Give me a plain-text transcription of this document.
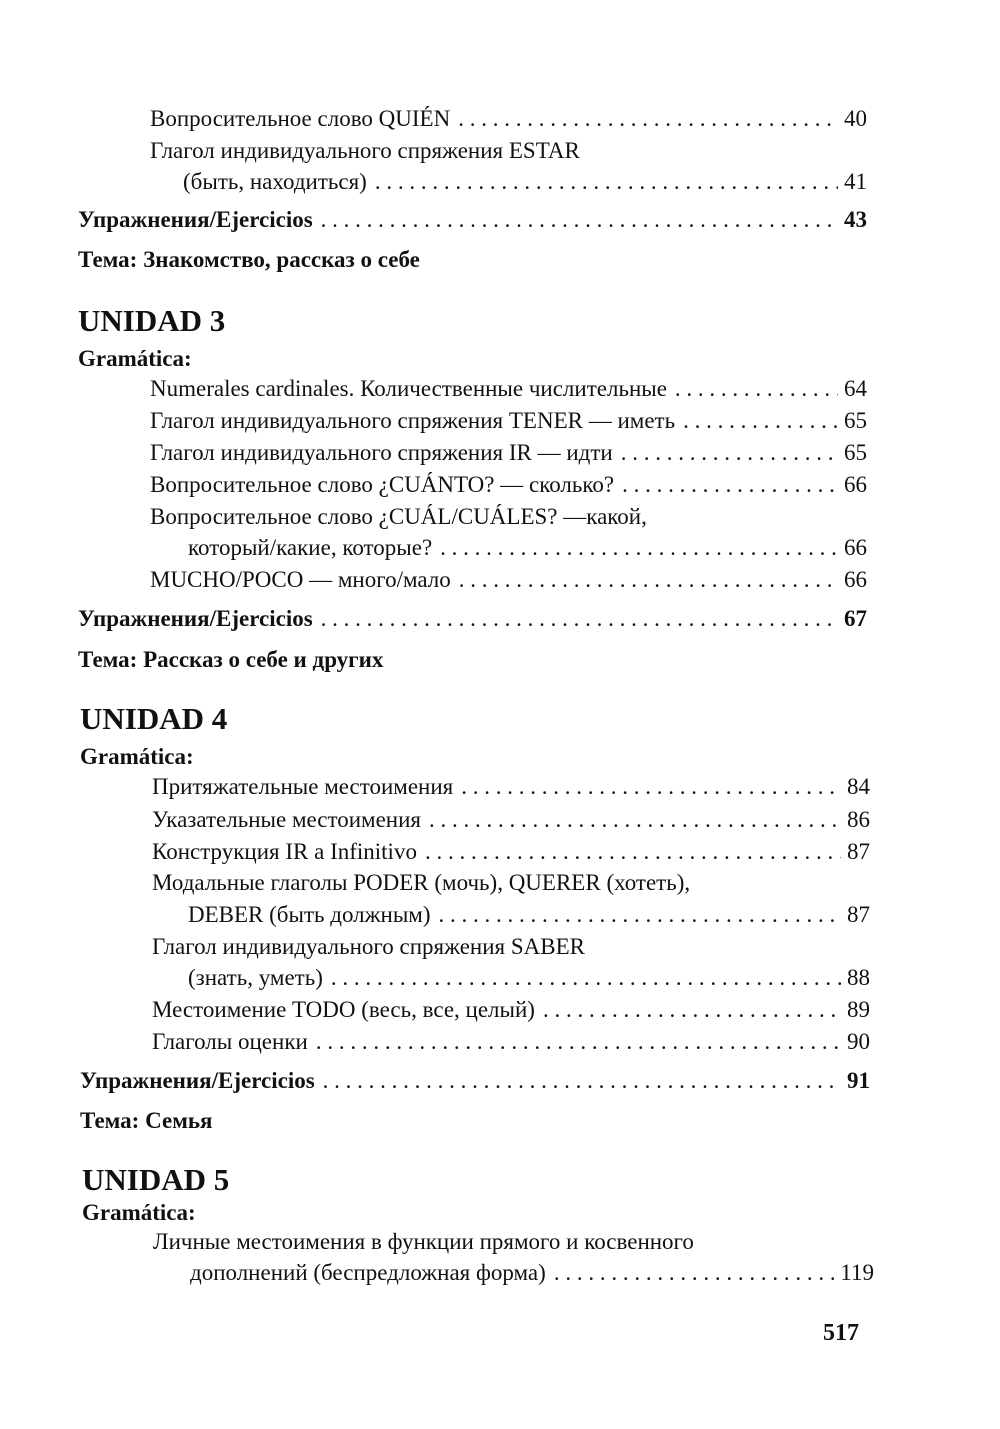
Вопросительное слово QUIÉN . . .	40
Глагол индивидуального спряжения ESTAR
(быть, находиться) . . .	41
Упражнения/Ejercicios . . .	43
Тема: Знакомство, рассказ о себе
UNIDAD 3
Gramática:
Numerales cardinales. Количественные числительные . . .	64
Глагол индивидуального спряжения TENER — иметь . . .	65
Глагол индивидуального спряжения IR — идти . . .	65
Вопросительное слово ¿CUÁNTO? — сколько? . . .	66
Вопросительное слово ¿CUÁL/CUÁLES? —какой,
который/какие, которые? . . .	66
MUCHO/POCO — много/мало . . .	66
Упражнения/Ejercicios . . .	67
Тема: Рассказ о себе и других
UNIDAD 4
Gramática:
Притяжательные местоимения . . .	84
Указательные местоимения . . .	86
Конструкция IR a Infinitivo . . .	87
Модальные глаголы PODER (мочь), QUERER (хотеть),
DEBER (быть должным) . . .	87
Глагол индивидуального спряжения SABER
(знать, уметь) . . .	88
Местоимение TODO (весь, все, целый) . . .	89
Глаголы оценки . . .	90
Упражнения/Ejercicios . . .	91
Тема: Семья
UNIDAD 5
Gramática:
Личные местоимения в функции прямого и косвенного
дополнений (беспредложная форма) . . .	119
517
